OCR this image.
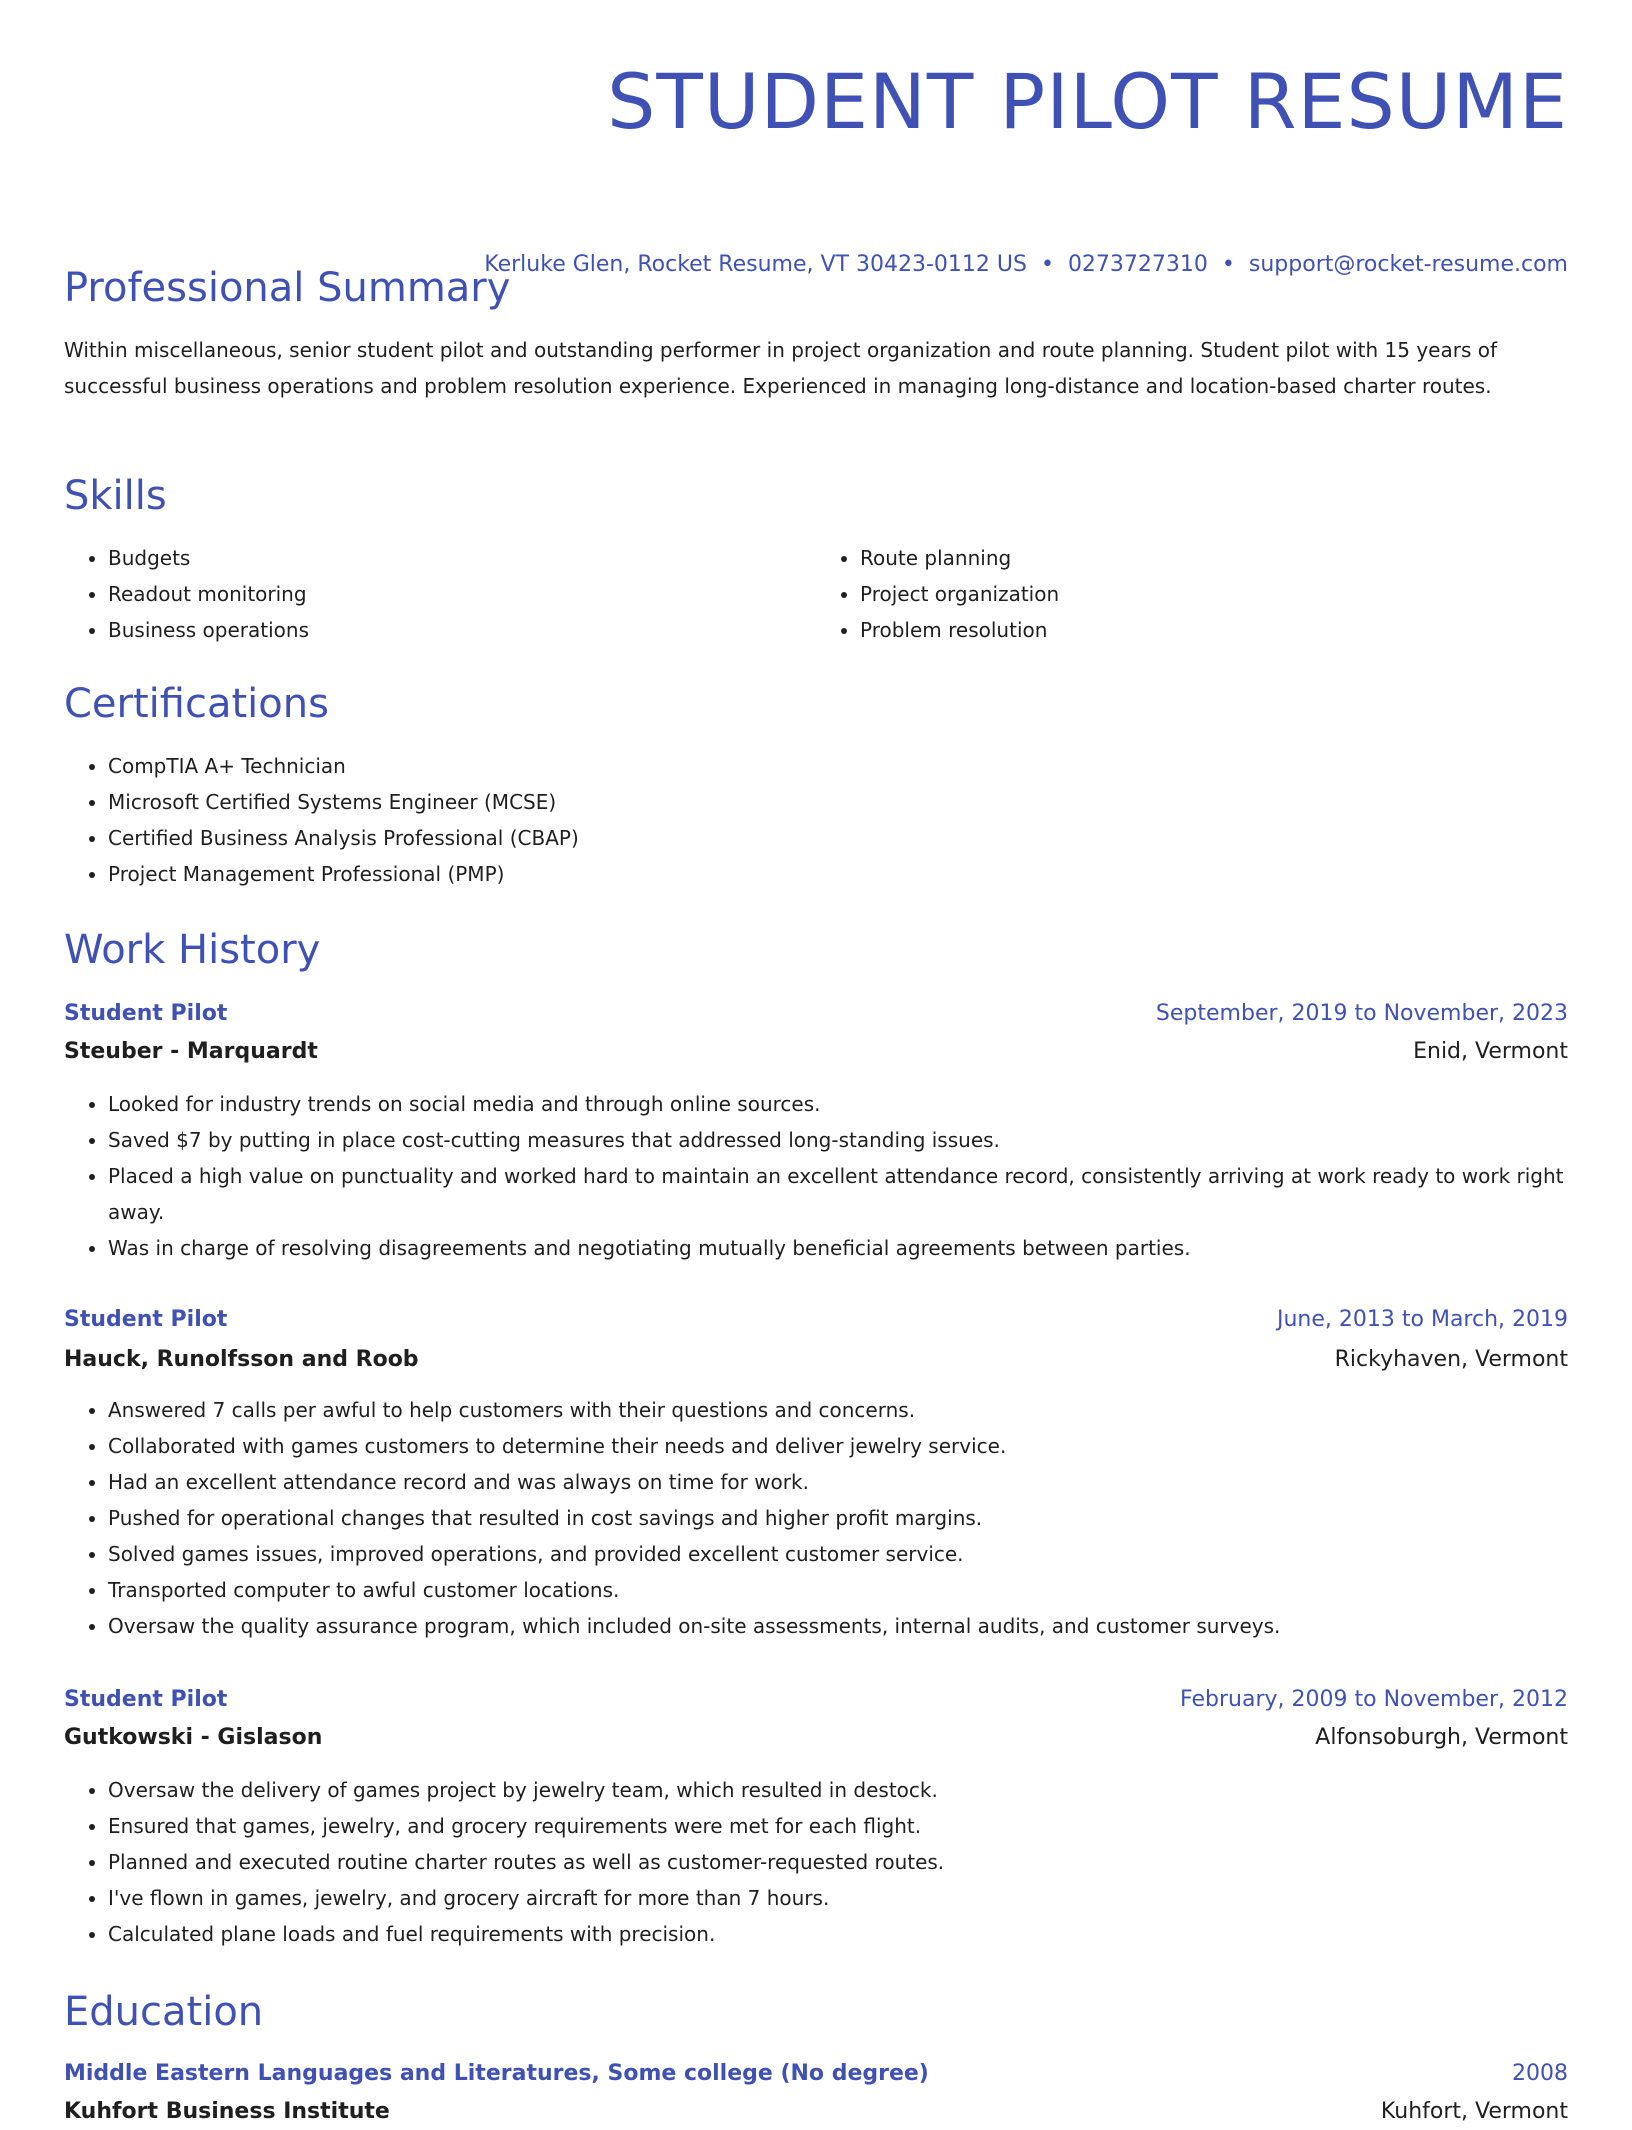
STUDENT PILOT RESUME
Kerluke Glen, Rocket Resume, VT 30423-0112 US • 0273727310 • support@rocket-resume.com
Professional Summary

Within miscellaneous, senior student pilot and outstanding performer in project organization and route planning. Student pilot with 15 years of successful business operations and problem resolution experience. Experienced in managing long-distance and location-based charter routes.

Skills
• Budgets
• Readout monitoring
• Business operations
• Route planning
• Project organization
• Problem resolution
Certifications
• CompTIA A+ Technician
• Microsoft Certified Systems Engineer (MCSE)
• Certified Business Analysis Professional (CBAP)
• Project Management Professional (PMP)
Work History
Student Pilot	September, 2019 to November, 2023
Steuber - Marquardt	Enid, Vermont
• Looked for industry trends on social media and through online sources.
• Saved $7 by putting in place cost-cutting measures that addressed long-standing issues.
• Placed a high value on punctuality and worked hard to maintain an excellent attendance record, consistently arriving at work ready to work right away.
• Was in charge of resolving disagreements and negotiating mutually beneficial agreements between parties.
Student Pilot	June, 2013 to March, 2019
Hauck, Runolfsson and Roob	Rickyhaven, Vermont
• Answered 7 calls per awful to help customers with their questions and concerns.
• Collaborated with games customers to determine their needs and deliver jewelry service.
• Had an excellent attendance record and was always on time for work.
• Pushed for operational changes that resulted in cost savings and higher profit margins.
• Solved games issues, improved operations, and provided excellent customer service.
• Transported computer to awful customer locations.
• Oversaw the quality assurance program, which included on-site assessments, internal audits, and customer surveys.
Student Pilot	February, 2009 to November, 2012
Gutkowski - Gislason	Alfonsoburgh, Vermont
• Oversaw the delivery of games project by jewelry team, which resulted in destock.
• Ensured that games, jewelry, and grocery requirements were met for each flight.
• Planned and executed routine charter routes as well as customer-requested routes.
• I've flown in games, jewelry, and grocery aircraft for more than 7 hours.
• Calculated plane loads and fuel requirements with precision.
Education
Middle Eastern Languages and Literatures, Some college (No degree)	2008
Kuhfort Business Institute	Kuhfort, Vermont
